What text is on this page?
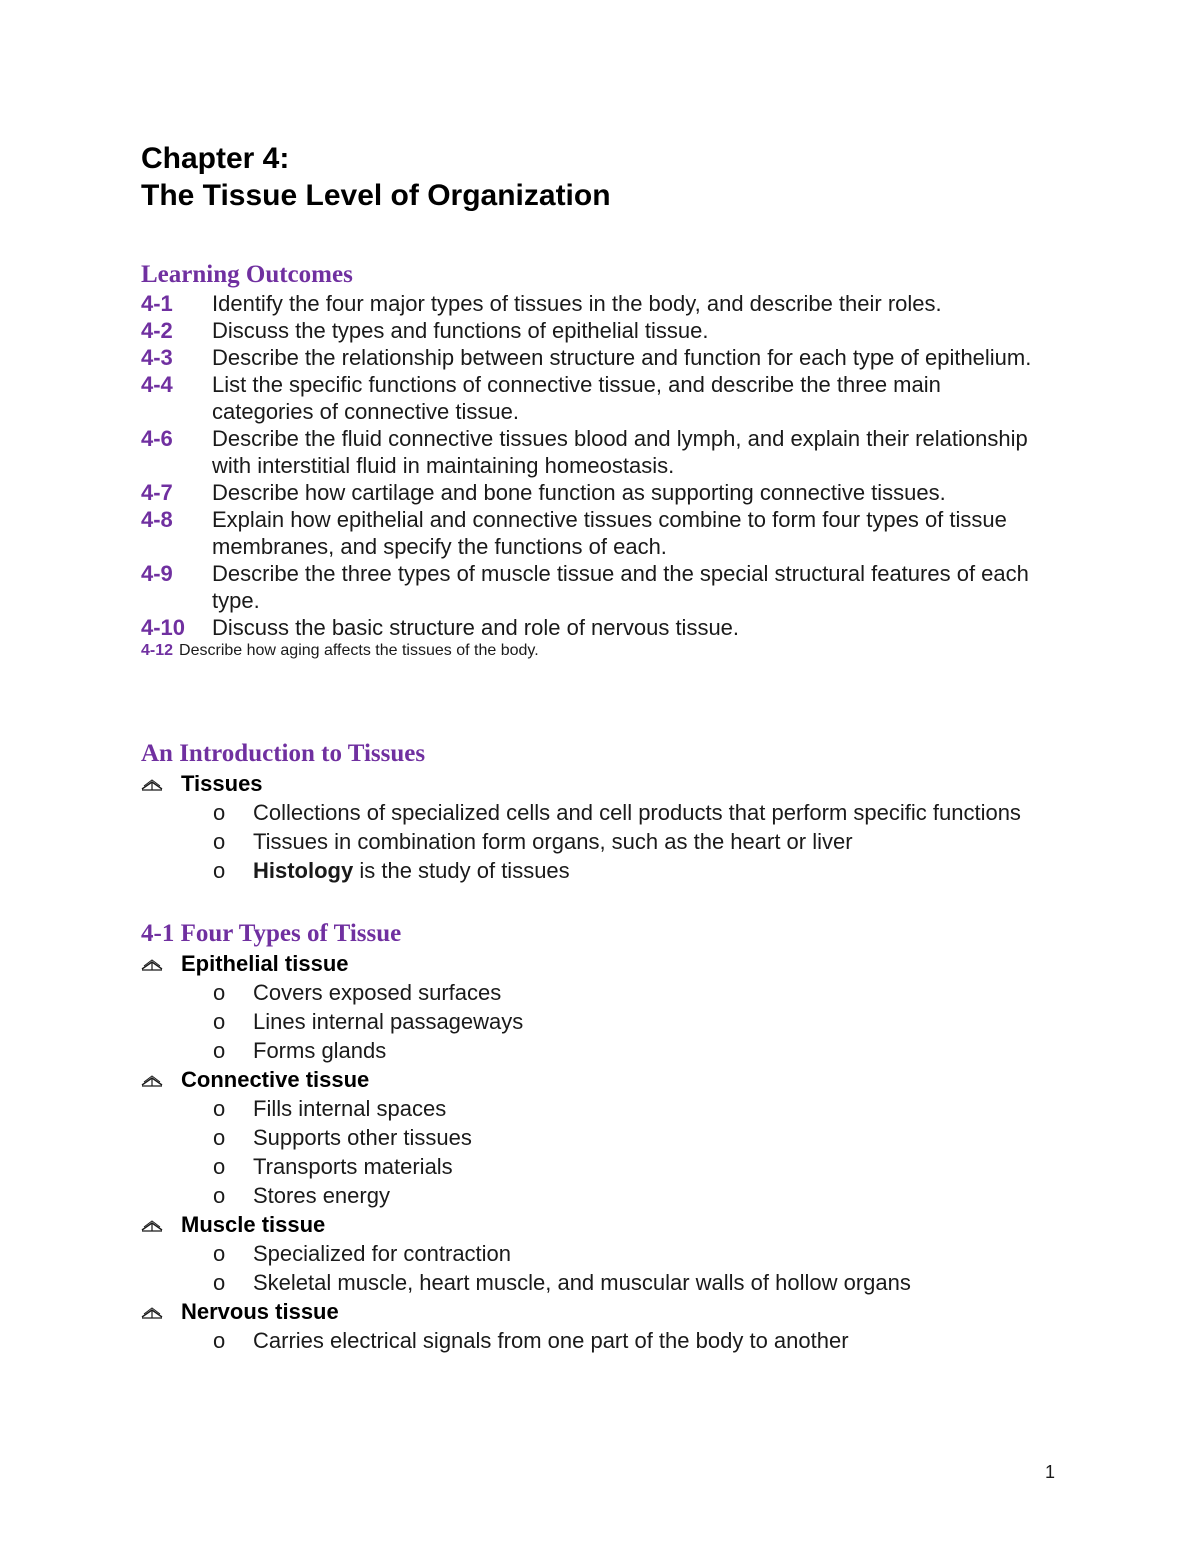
Chapter 4:
The Tissue Level of Organization
Learning Outcomes
4-1	Identify the four major types of tissues in the body, and describe their roles.
4-2	Discuss the types and functions of epithelial tissue.
4-3	Describe the relationship between structure and function for each type of epithelium.
4-4	List the specific functions of connective tissue, and describe the three main categories of connective tissue.
4-6	Describe the fluid connective tissues blood and lymph, and explain their relationship with interstitial fluid in maintaining homeostasis.
4-7	Describe how cartilage and bone function as supporting connective tissues.
4-8	Explain how epithelial and connective tissues combine to form four types of tissue membranes, and specify the functions of each.
4-9	Describe the three types of muscle tissue and the special structural features of each type.
4-10	Discuss the basic structure and role of nervous tissue.
4-12 Describe how aging affects the tissues of the body.
An Introduction to Tissues
Tissues
o	Collections of specialized cells and cell products that perform specific functions
o	Tissues in combination form organs, such as the heart or liver
o	Histology is the study of tissues
4-1 Four Types of Tissue
Epithelial tissue
o	Covers exposed surfaces
o	Lines internal passageways
o	Forms glands
Connective tissue
o	Fills internal spaces
o	Supports other tissues
o	Transports materials
o	Stores energy
Muscle tissue
o	Specialized for contraction
o	Skeletal muscle, heart muscle, and muscular walls of hollow organs
Nervous tissue
o	Carries electrical signals from one part of the body to another
1
